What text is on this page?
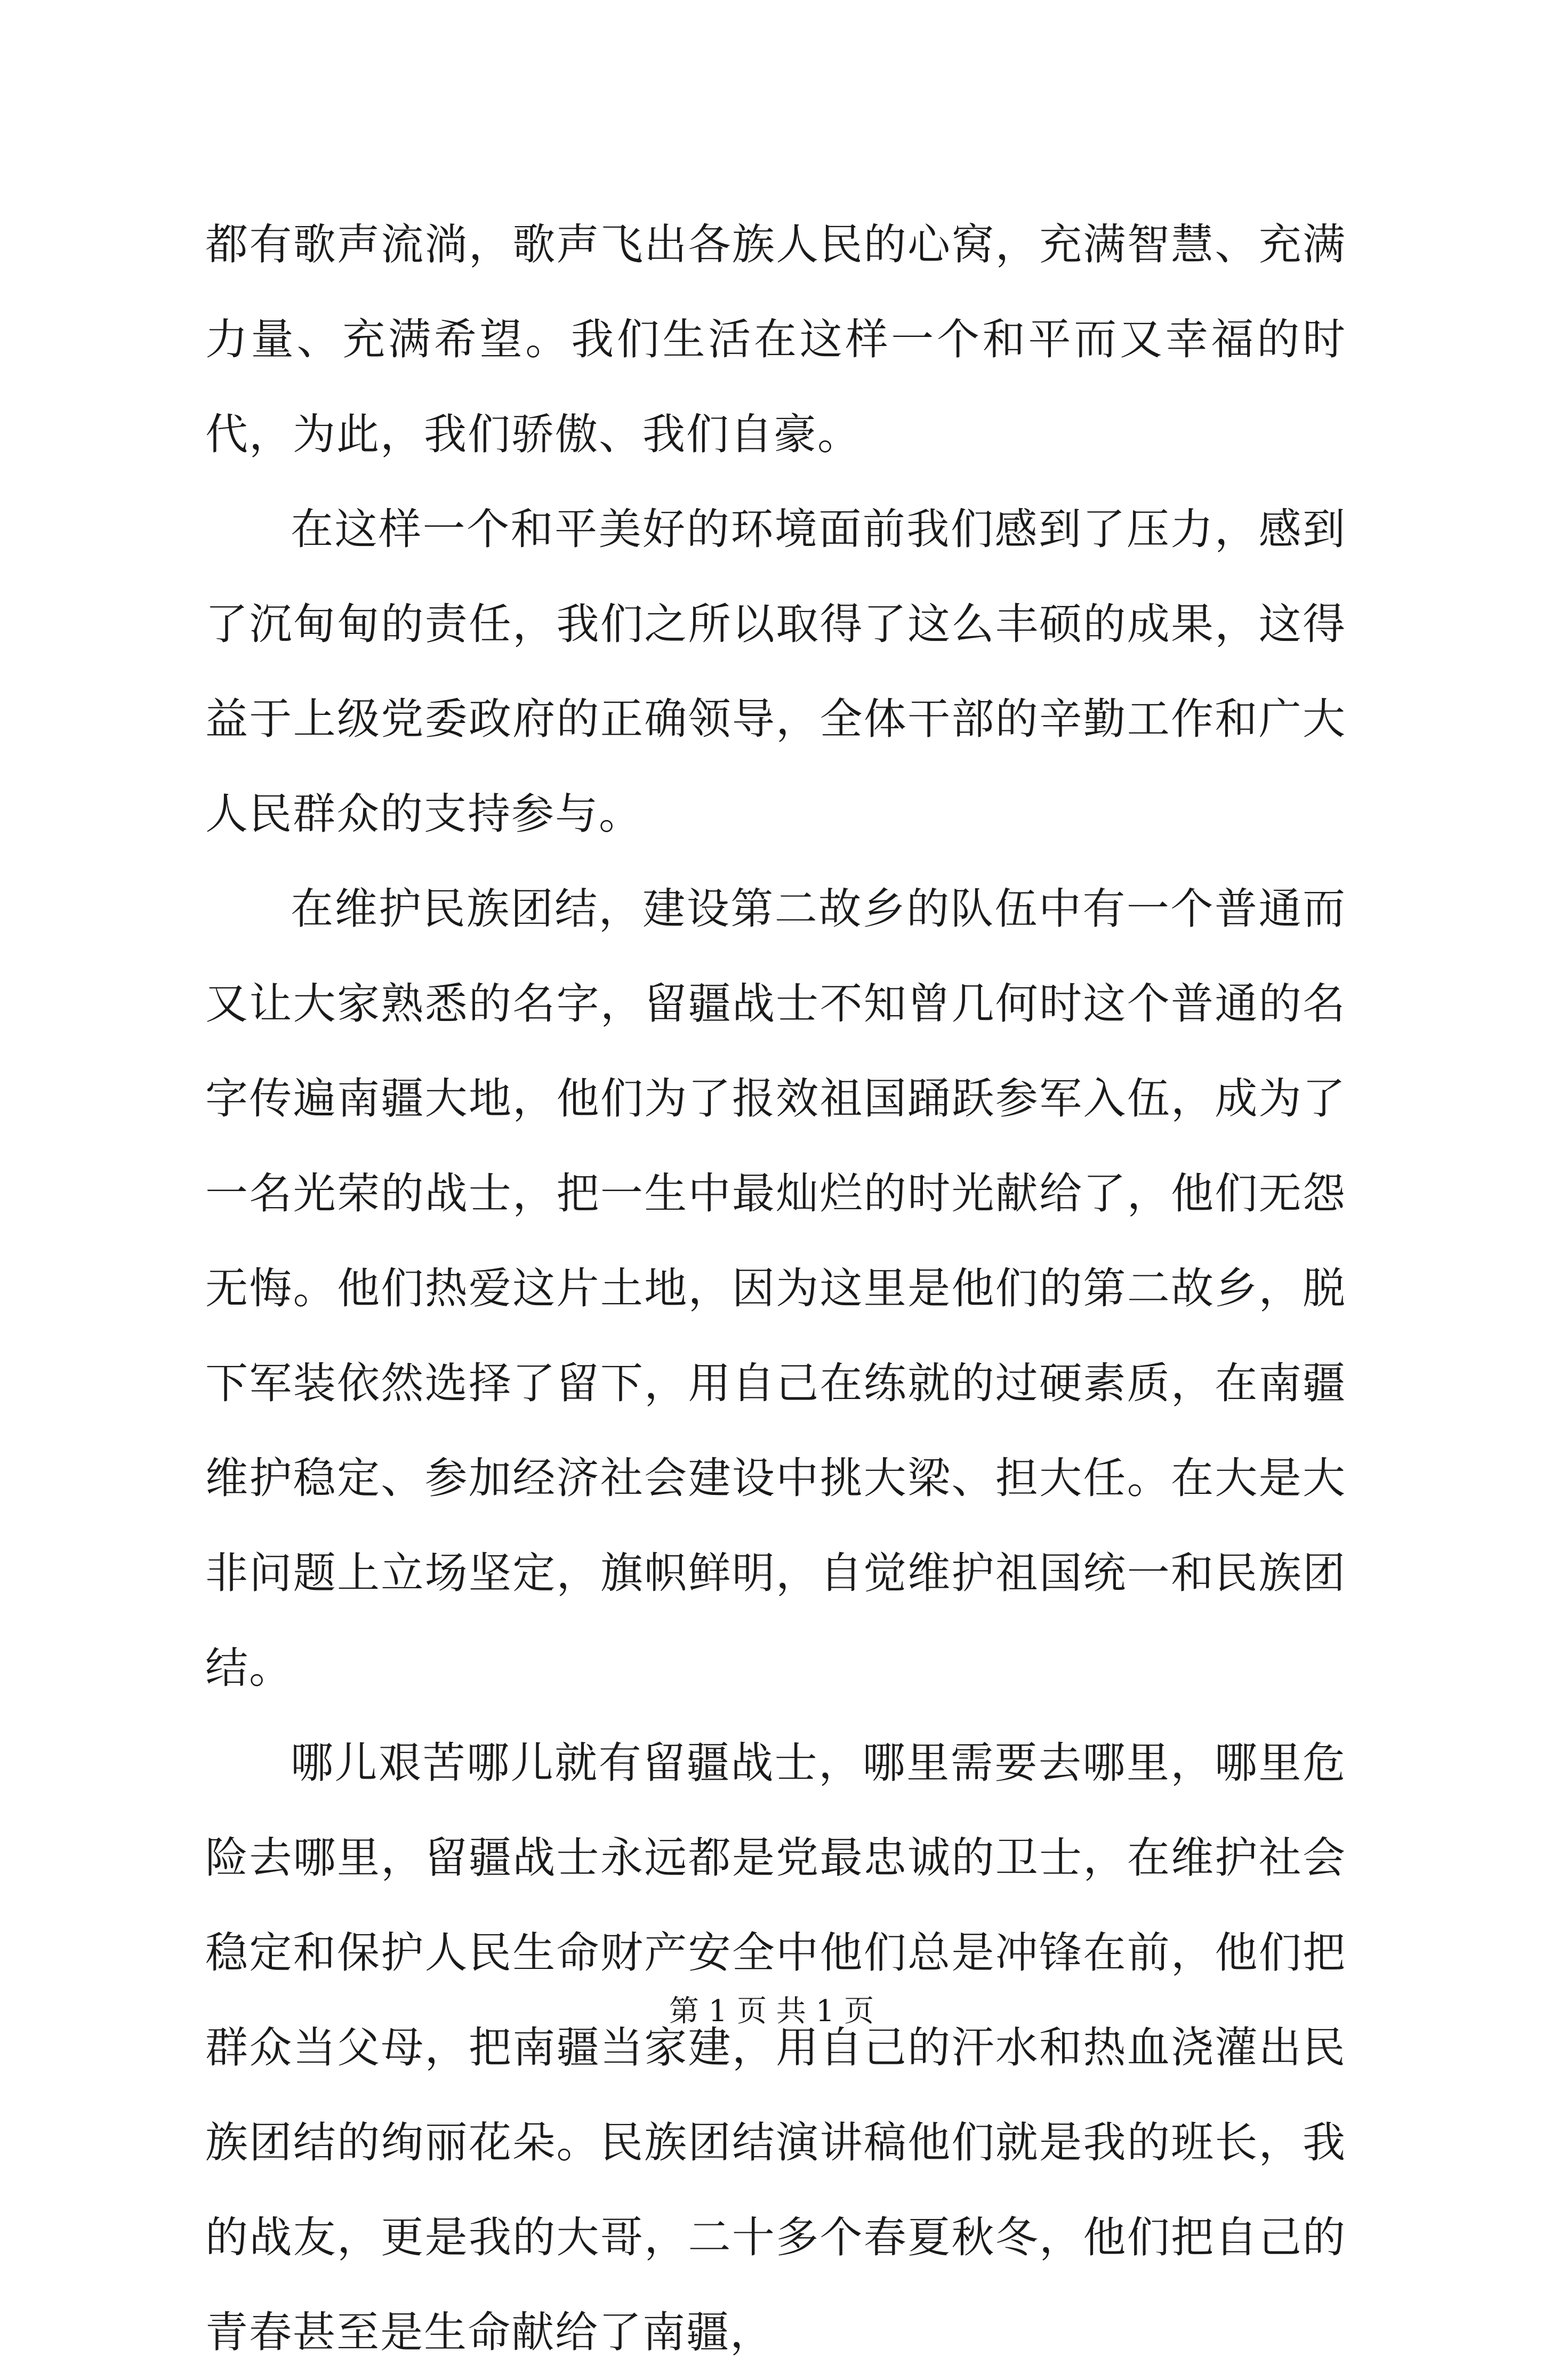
都有歌声流淌，歌声飞出各族人民的心窝，充满智慧、充满力量、充满希望。我们生活在这样一个和平而又幸福的时代，为此，我们骄傲、我们自豪。

在这样一个和平美好的环境面前我们感到了压力，感到了沉甸甸的责任，我们之所以取得了这么丰硕的成果，这得益于上级党委政府的正确领导，全体干部的辛勤工作和广大人民群众的支持参与。

在维护民族团结，建设第二故乡的队伍中有一个普通而又让大家熟悉的名字，留疆战士不知曾几何时这个普通的名字传遍南疆大地，他们为了报效祖国踊跃参军入伍，成为了一名光荣的战士，把一生中最灿烂的时光献给了，他们无怨无悔。他们热爱这片土地，因为这里是他们的第二故乡，脱下军装依然选择了留下，用自己在练就的过硬素质，在南疆维护稳定、参加经济社会建设中挑大梁、担大任。在大是大非问题上立场坚定，旗帜鲜明，自觉维护祖国统一和民族团结。

哪儿艰苦哪儿就有留疆战士，哪里需要去哪里，哪里危险去哪里，留疆战士永远都是党最忠诚的卫士，在维护社会稳定和保护人民生命财产安全中他们总是冲锋在前，他们把群众当父母，把南疆当家建，用自己的汗水和热血浇灌出民族团结的绚丽花朵。民族团结演讲稿他们就是我的班长，我的战友，更是我的大哥，二十多个春夏秋冬，他们把自己的青春甚至是生命献给了南疆，

第 1 页 共 1 页
